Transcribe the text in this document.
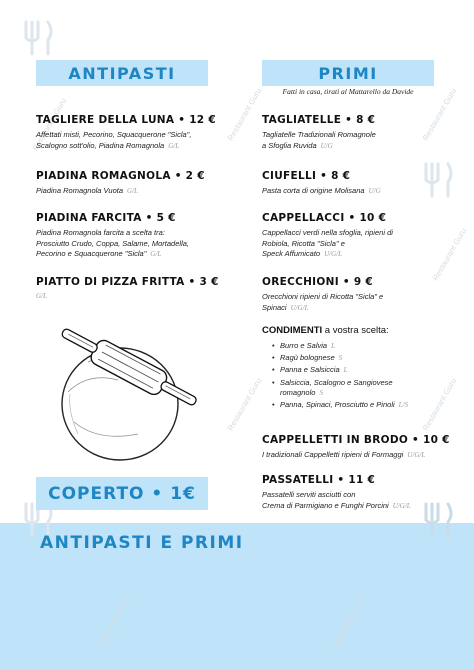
Restaurant Guru	Restaurant Guru	Restaurant Guru
Restaurant Guru
Restaurant Guru	Restaurant Guru
Restaurant Guru	Restaurant Guru
ANTIPASTI	PRIMI
Fatti in casa, tirati al Mattarello da Davide
TAGLIERE DELLA LUNA • 12 €
Affettati misti, Pecorino, Squacquerone "Sicla",
Scalogno sott'olio, Piadina Romagnola G/L
PIADINA ROMAGNOLA • 2 €
Piadina Romagnola Vuota G/L
PIADINA FARCITA • 5 €
Piadina Romagnola farcita a scelta tra:
Prosciutto Crudo, Coppa, Salame, Mortadella,
Pecorino e Squacquerone "Sicla" G/L
PIATTO DI PIZZA FRITTA • 3 €
G/L
TAGLIATELLE • 8 €
Tagliatelle Tradizionali Romagnole
a Sfoglia Ruvida U/G
CIUFELLI • 8 €
Pasta corta di origine Molisana U/G
CAPPELLACCI • 10 €
Cappellacci verdi nella sfoglia, ripieni di
Robiola, Ricotta "Sicla" e
Speck Affumicato U/G/L
ORECCHIONI • 9 €
Orecchioni ripieni di Ricotta "Sicla" e
Spinaci U/G/L
CONDIMENTI a vostra scelta:
• Burro e Salvia L
• Ragù bolognese S
• Panna e Salsiccia L
• Salsiccia, Scalogno e Sangiovese romagnolo S
• Panna, Spinaci, Prosciutto e Pinoli L/S
CAPPELLETTI IN BRODO • 10 €
I tradizionali Cappelletti ripieni di Formaggi U/G/L
PASSATELLI • 11 €
Passatelli serviti asciutti con
Crema di Parmigiano e Funghi Porcini U/G/L
COPERTO • 1€
ANTIPASTI E PRIMI
